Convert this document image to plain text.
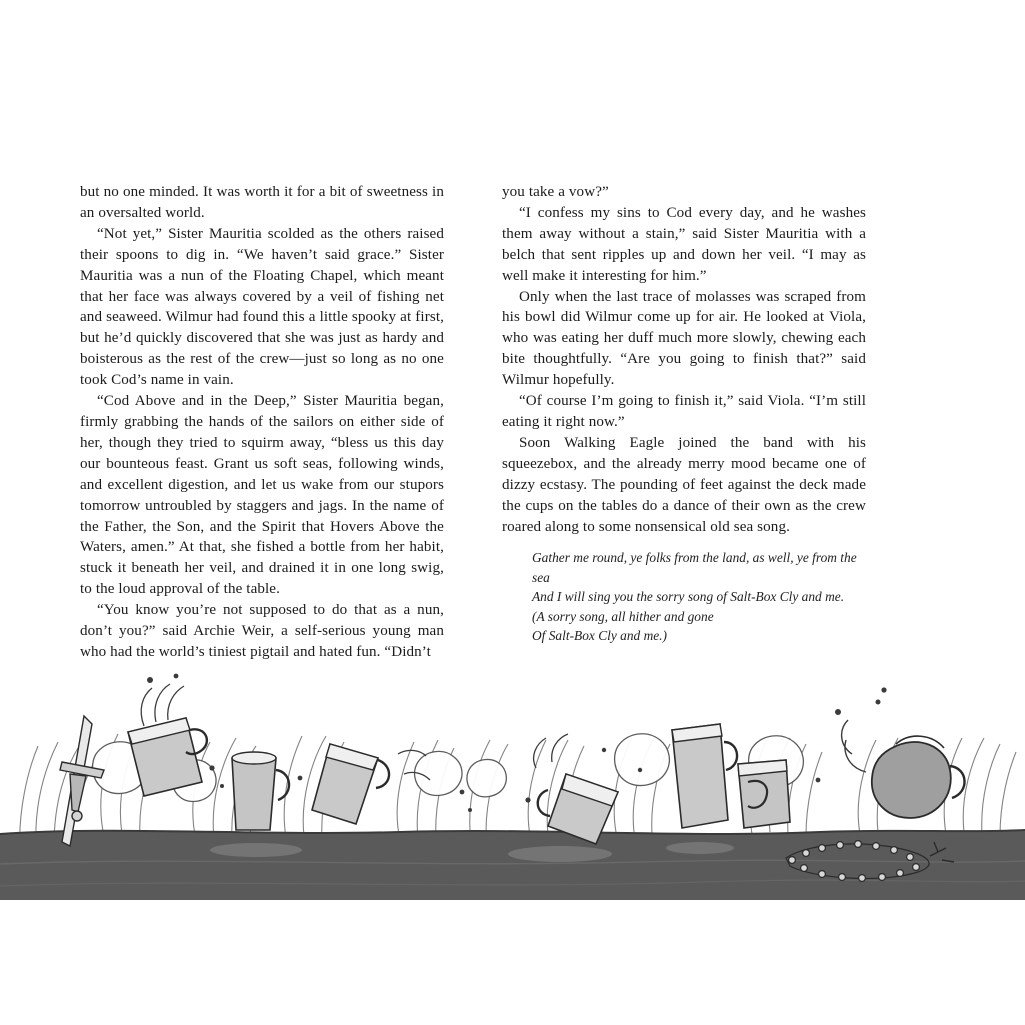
but no one minded. It was worth it for a bit of sweetness in an oversalted world.

“Not yet,” Sister Mauritia scolded as the others raised their spoons to dig in. “We haven’t said grace.” Sister Mauritia was a nun of the Floating Chapel, which meant that her face was always covered by a veil of fishing net and seaweed. Wilmur had found this a little spooky at first, but he’d quickly discovered that she was just as hardy and boisterous as the rest of the crew—just so long as no one took Cod’s name in vain.

“Cod Above and in the Deep,” Sister Mauritia began, firmly grabbing the hands of the sailors on either side of her, though they tried to squirm away, “bless us this day our bounteous feast. Grant us soft seas, following winds, and excellent digestion, and let us wake from our stupors tomorrow untroubled by staggers and jags. In the name of the Father, the Son, and the Spirit that Hovers Above the Waters, amen.” At that, she fished a bottle from her habit, stuck it beneath her veil, and drained it in one long swig, to the loud approval of the table.

“You know you’re not supposed to do that as a nun, don’t you?” said Archie Weir, a self-serious young man who had the world’s tiniest pigtail and hated fun. “Didn’t

you take a vow?”

“I confess my sins to Cod every day, and he washes them away without a stain,” said Sister Mauritia with a belch that sent ripples up and down her veil. “I may as well make it interesting for him.”

Only when the last trace of molasses was scraped from his bowl did Wilmur come up for air. He looked at Viola, who was eating her duff much more slowly, chewing each bite thoughtfully. “Are you going to finish that?” said Wilmur hopefully.

“Of course I’m going to finish it,” said Viola. “I’m still eating it right now.”

Soon Walking Eagle joined the band with his squeezebox, and the already merry mood became one of dizzy ecstasy. The pounding of feet against the deck made the cups on the tables do a dance of their own as the crew roared along to some nonsensical old sea song.

Gather me round, ye folks from the land, as well, ye from the sea
And I will sing you the sorry song of Salt-Box Cly and me.
(A sorry song, all hither and gone
Of Salt-Box Cly and me.)
